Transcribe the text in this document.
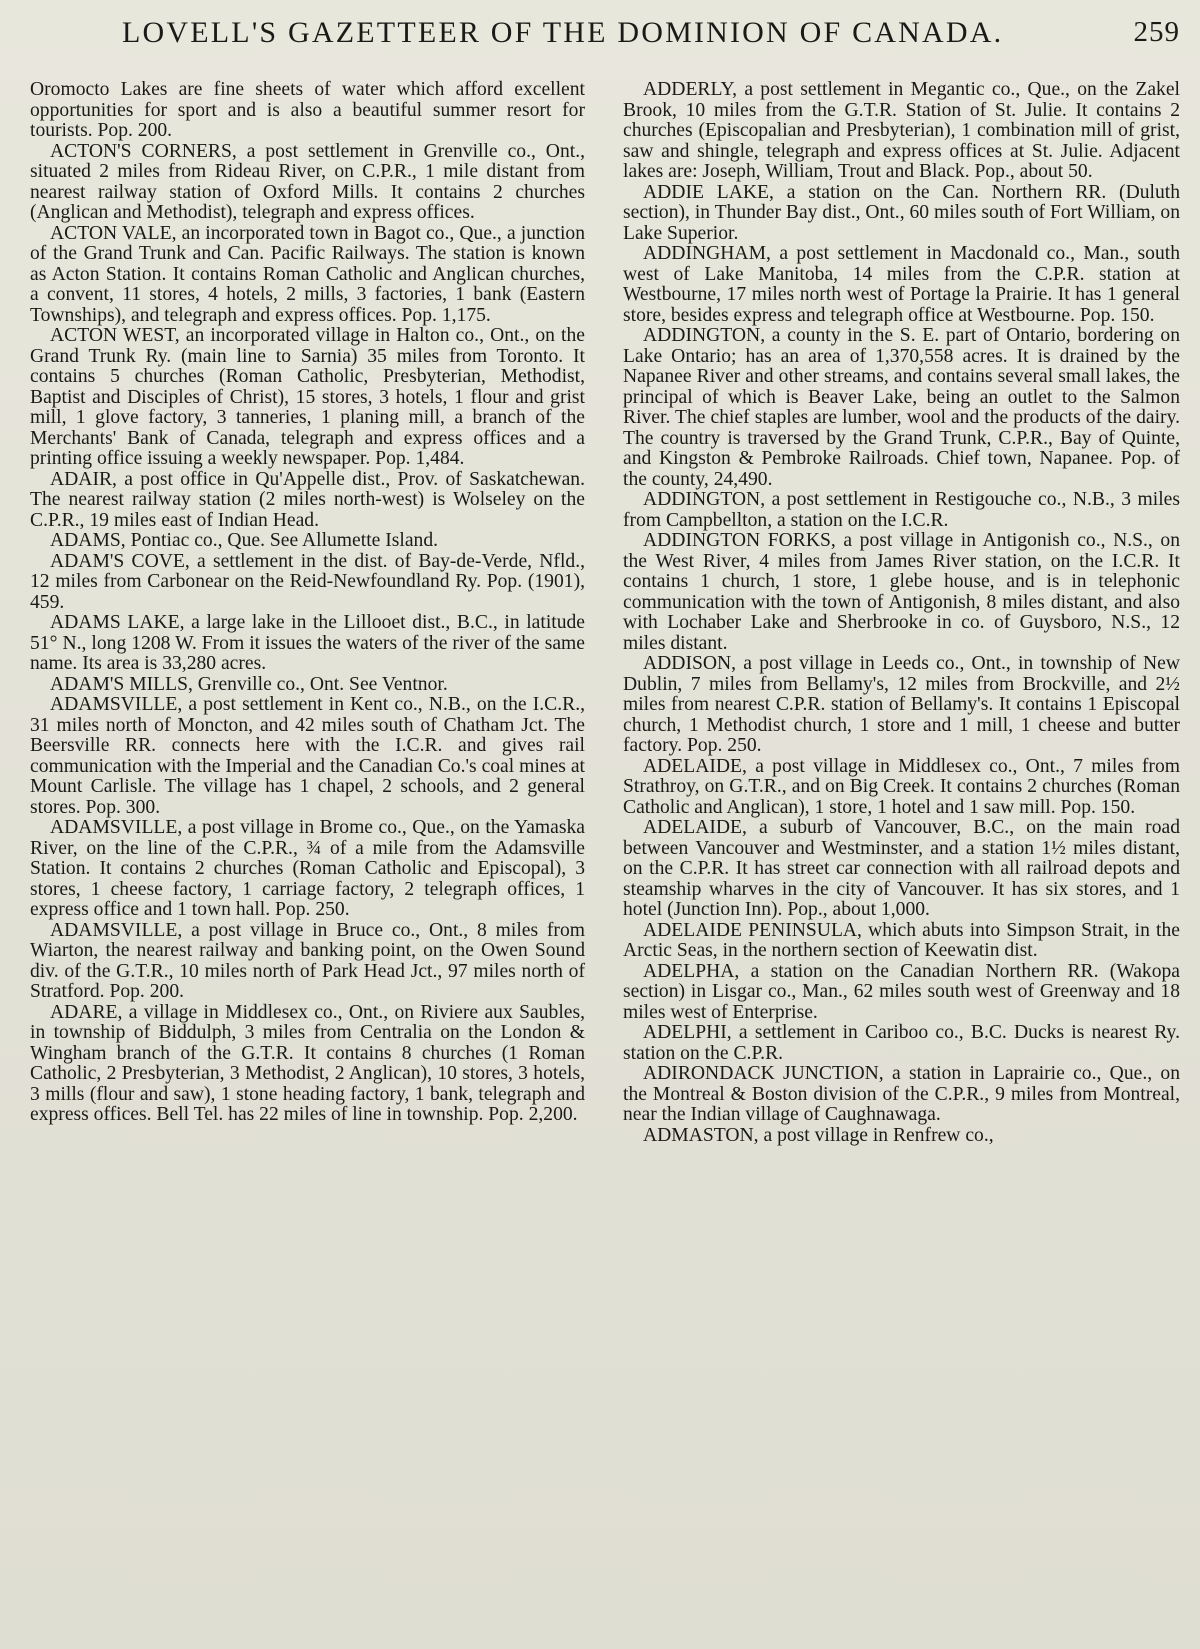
LOVELL'S GAZETTEER OF THE DOMINION OF CANADA.	259

Oromocto Lakes are fine sheets of water which afford excellent opportunities for sport and is also a beautiful summer resort for tourists. Pop. 200.

ACTON'S CORNERS, a post settlement in Grenville co., Ont., situated 2 miles from Rideau River, on C.P.R., 1 mile distant from nearest railway station of Oxford Mills. It contains 2 churches (Anglican and Methodist), telegraph and express offices.

ACTON VALE, an incorporated town in Bagot co., Que., a junction of the Grand Trunk and Can. Pacific Railways. The station is known as Acton Station. It contains Roman Catholic and Anglican churches, a convent, 11 stores, 4 hotels, 2 mills, 3 factories, 1 bank (Eastern Townships), and telegraph and express offices. Pop. 1,175.

ACTON WEST, an incorporated village in Halton co., Ont., on the Grand Trunk Ry. (main line to Sarnia) 35 miles from Toronto. It contains 5 churches (Roman Catholic, Presbyterian, Methodist, Baptist and Disciples of Christ), 15 stores, 3 hotels, 1 flour and grist mill, 1 glove factory, 3 tanneries, 1 planing mill, a branch of the Merchants' Bank of Canada, telegraph and express offices and a printing office issuing a weekly newspaper. Pop. 1,484.

ADAIR, a post office in Qu'Appelle dist., Prov. of Saskatchewan. The nearest railway station (2 miles north-west) is Wolseley on the C.P.R., 19 miles east of Indian Head.

ADAMS, Pontiac co., Que. See Allumette Island.

ADAM'S COVE, a settlement in the dist. of Bay-de-Verde, Nfld., 12 miles from Carbonear on the Reid-Newfoundland Ry. Pop. (1901), 459.

ADAMS LAKE, a large lake in the Lillooet dist., B.C., in latitude 51° N., long 1208 W. From it issues the waters of the river of the same name. Its area is 33,280 acres.

ADAM'S MILLS, Grenville co., Ont. See Ventnor.

ADAMSVILLE, a post settlement in Kent co., N.B., on the I.C.R., 31 miles north of Moncton, and 42 miles south of Chatham Jct. The Beersville RR. connects here with the I.C.R. and gives rail communication with the Imperial and the Canadian Co.'s coal mines at Mount Carlisle. The village has 1 chapel, 2 schools, and 2 general stores. Pop. 300.

ADAMSVILLE, a post village in Brome co., Que., on the Yamaska River, on the line of the C.P.R., ¾ of a mile from the Adamsville Station. It contains 2 churches (Roman Catholic and Episcopal), 3 stores, 1 cheese factory, 1 carriage factory, 2 telegraph offices, 1 express office and 1 town hall. Pop. 250.

ADAMSVILLE, a post village in Bruce co., Ont., 8 miles from Wiarton, the nearest railway and banking point, on the Owen Sound div. of the G.T.R., 10 miles north of Park Head Jct., 97 miles north of Stratford. Pop. 200.

ADARE, a village in Middlesex co., Ont., on Riviere aux Saubles, in township of Biddulph, 3 miles from Centralia on the London & Wingham branch of the G.T.R. It contains 8 churches (1 Roman Catholic, 2 Presbyterian, 3 Methodist, 2 Anglican), 10 stores, 3 hotels, 3 mills (flour and saw), 1 stone heading factory, 1 bank, telegraph and express offices. Bell Tel. has 22 miles of line in township. Pop. 2,200.

ADDERLY, a post settlement in Megantic co., Que., on the Zakel Brook, 10 miles from the G.T.R. Station of St. Julie. It contains 2 churches (Episcopalian and Presbyterian), 1 combination mill of grist, saw and shingle, telegraph and express offices at St. Julie. Adjacent lakes are: Joseph, William, Trout and Black. Pop., about 50.

ADDIE LAKE, a station on the Can. Northern RR. (Duluth section), in Thunder Bay dist., Ont., 60 miles south of Fort William, on Lake Superior.

ADDINGHAM, a post settlement in Macdonald co., Man., south west of Lake Manitoba, 14 miles from the C.P.R. station at Westbourne, 17 miles north west of Portage la Prairie. It has 1 general store, besides express and telegraph office at Westbourne. Pop. 150.

ADDINGTON, a county in the S. E. part of Ontario, bordering on Lake Ontario; has an area of 1,370,558 acres. It is drained by the Napanee River and other streams, and contains several small lakes, the principal of which is Beaver Lake, being an outlet to the Salmon River. The chief staples are lumber, wool and the products of the dairy. The country is traversed by the Grand Trunk, C.P.R., Bay of Quinte, and Kingston & Pembroke Railroads. Chief town, Napanee. Pop. of the county, 24,490.

ADDINGTON, a post settlement in Restigouche co., N.B., 3 miles from Campbellton, a station on the I.C.R.

ADDINGTON FORKS, a post village in Antigonish co., N.S., on the West River, 4 miles from James River station, on the I.C.R. It contains 1 church, 1 store, 1 glebe house, and is in telephonic communication with the town of Antigonish, 8 miles distant, and also with Lochaber Lake and Sherbrooke in co. of Guysboro, N.S., 12 miles distant.

ADDISON, a post village in Leeds co., Ont., in township of New Dublin, 7 miles from Bellamy's, 12 miles from Brockville, and 2½ miles from nearest C.P.R. station of Bellamy's. It contains 1 Episcopal church, 1 Methodist church, 1 store and 1 mill, 1 cheese and butter factory. Pop. 250.

ADELAIDE, a post village in Middlesex co., Ont., 7 miles from Strathroy, on G.T.R., and on Big Creek. It contains 2 churches (Roman Catholic and Anglican), 1 store, 1 hotel and 1 saw mill. Pop. 150.

ADELAIDE, a suburb of Vancouver, B.C., on the main road between Vancouver and Westminster, and a station 1½ miles distant, on the C.P.R. It has street car connection with all railroad depots and steamship wharves in the city of Vancouver. It has six stores, and 1 hotel (Junction Inn). Pop., about 1,000.

ADELAIDE PENINSULA, which abuts into Simpson Strait, in the Arctic Seas, in the northern section of Keewatin dist.

ADELPHA, a station on the Canadian Northern RR. (Wakopa section) in Lisgar co., Man., 62 miles south west of Greenway and 18 miles west of Enterprise.

ADELPHI, a settlement in Cariboo co., B.C. Ducks is nearest Ry. station on the C.P.R.

ADIRONDACK JUNCTION, a station in Laprairie co., Que., on the Montreal & Boston division of the C.P.R., 9 miles from Montreal, near the Indian village of Caughnawaga.

ADMASTON, a post village in Renfrew co.,
